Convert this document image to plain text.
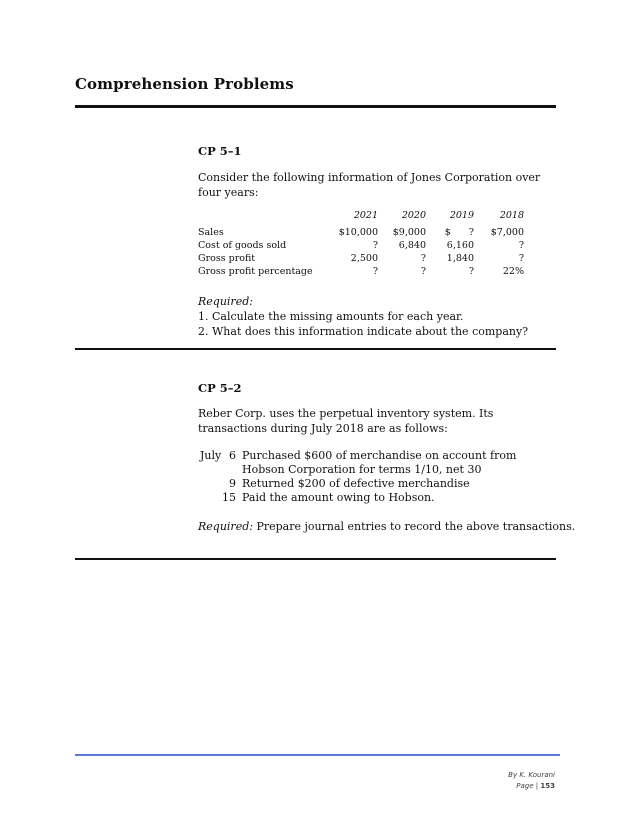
Comprehension Problems
CP 5–1
Consider the following information of Jones Corporation over four years:
	2021	2020	2019	2018
Sales	$10,000	$9,000	$      ?	$7,000
Cost of goods sold	?	6,840	6,160	?
Gross profit	2,500	?	1,840	?
Gross profit percentage	?	?	?	22%
Required:
1. Calculate the missing amounts for each year.
2. What does this information indicate about the company?
CP 5–2
Reber Corp. uses the perpetual inventory system. Its transactions during July 2018 are as follows:
July 6 Purchased $600 of merchandise on account from Hobson Corporation for terms 1/10, net 30
9 Returned $200 of defective merchandise
15 Paid the amount owing to Hobson.
Required: Prepare journal entries to record the above transactions.
By K. Kourani
Page | 153
